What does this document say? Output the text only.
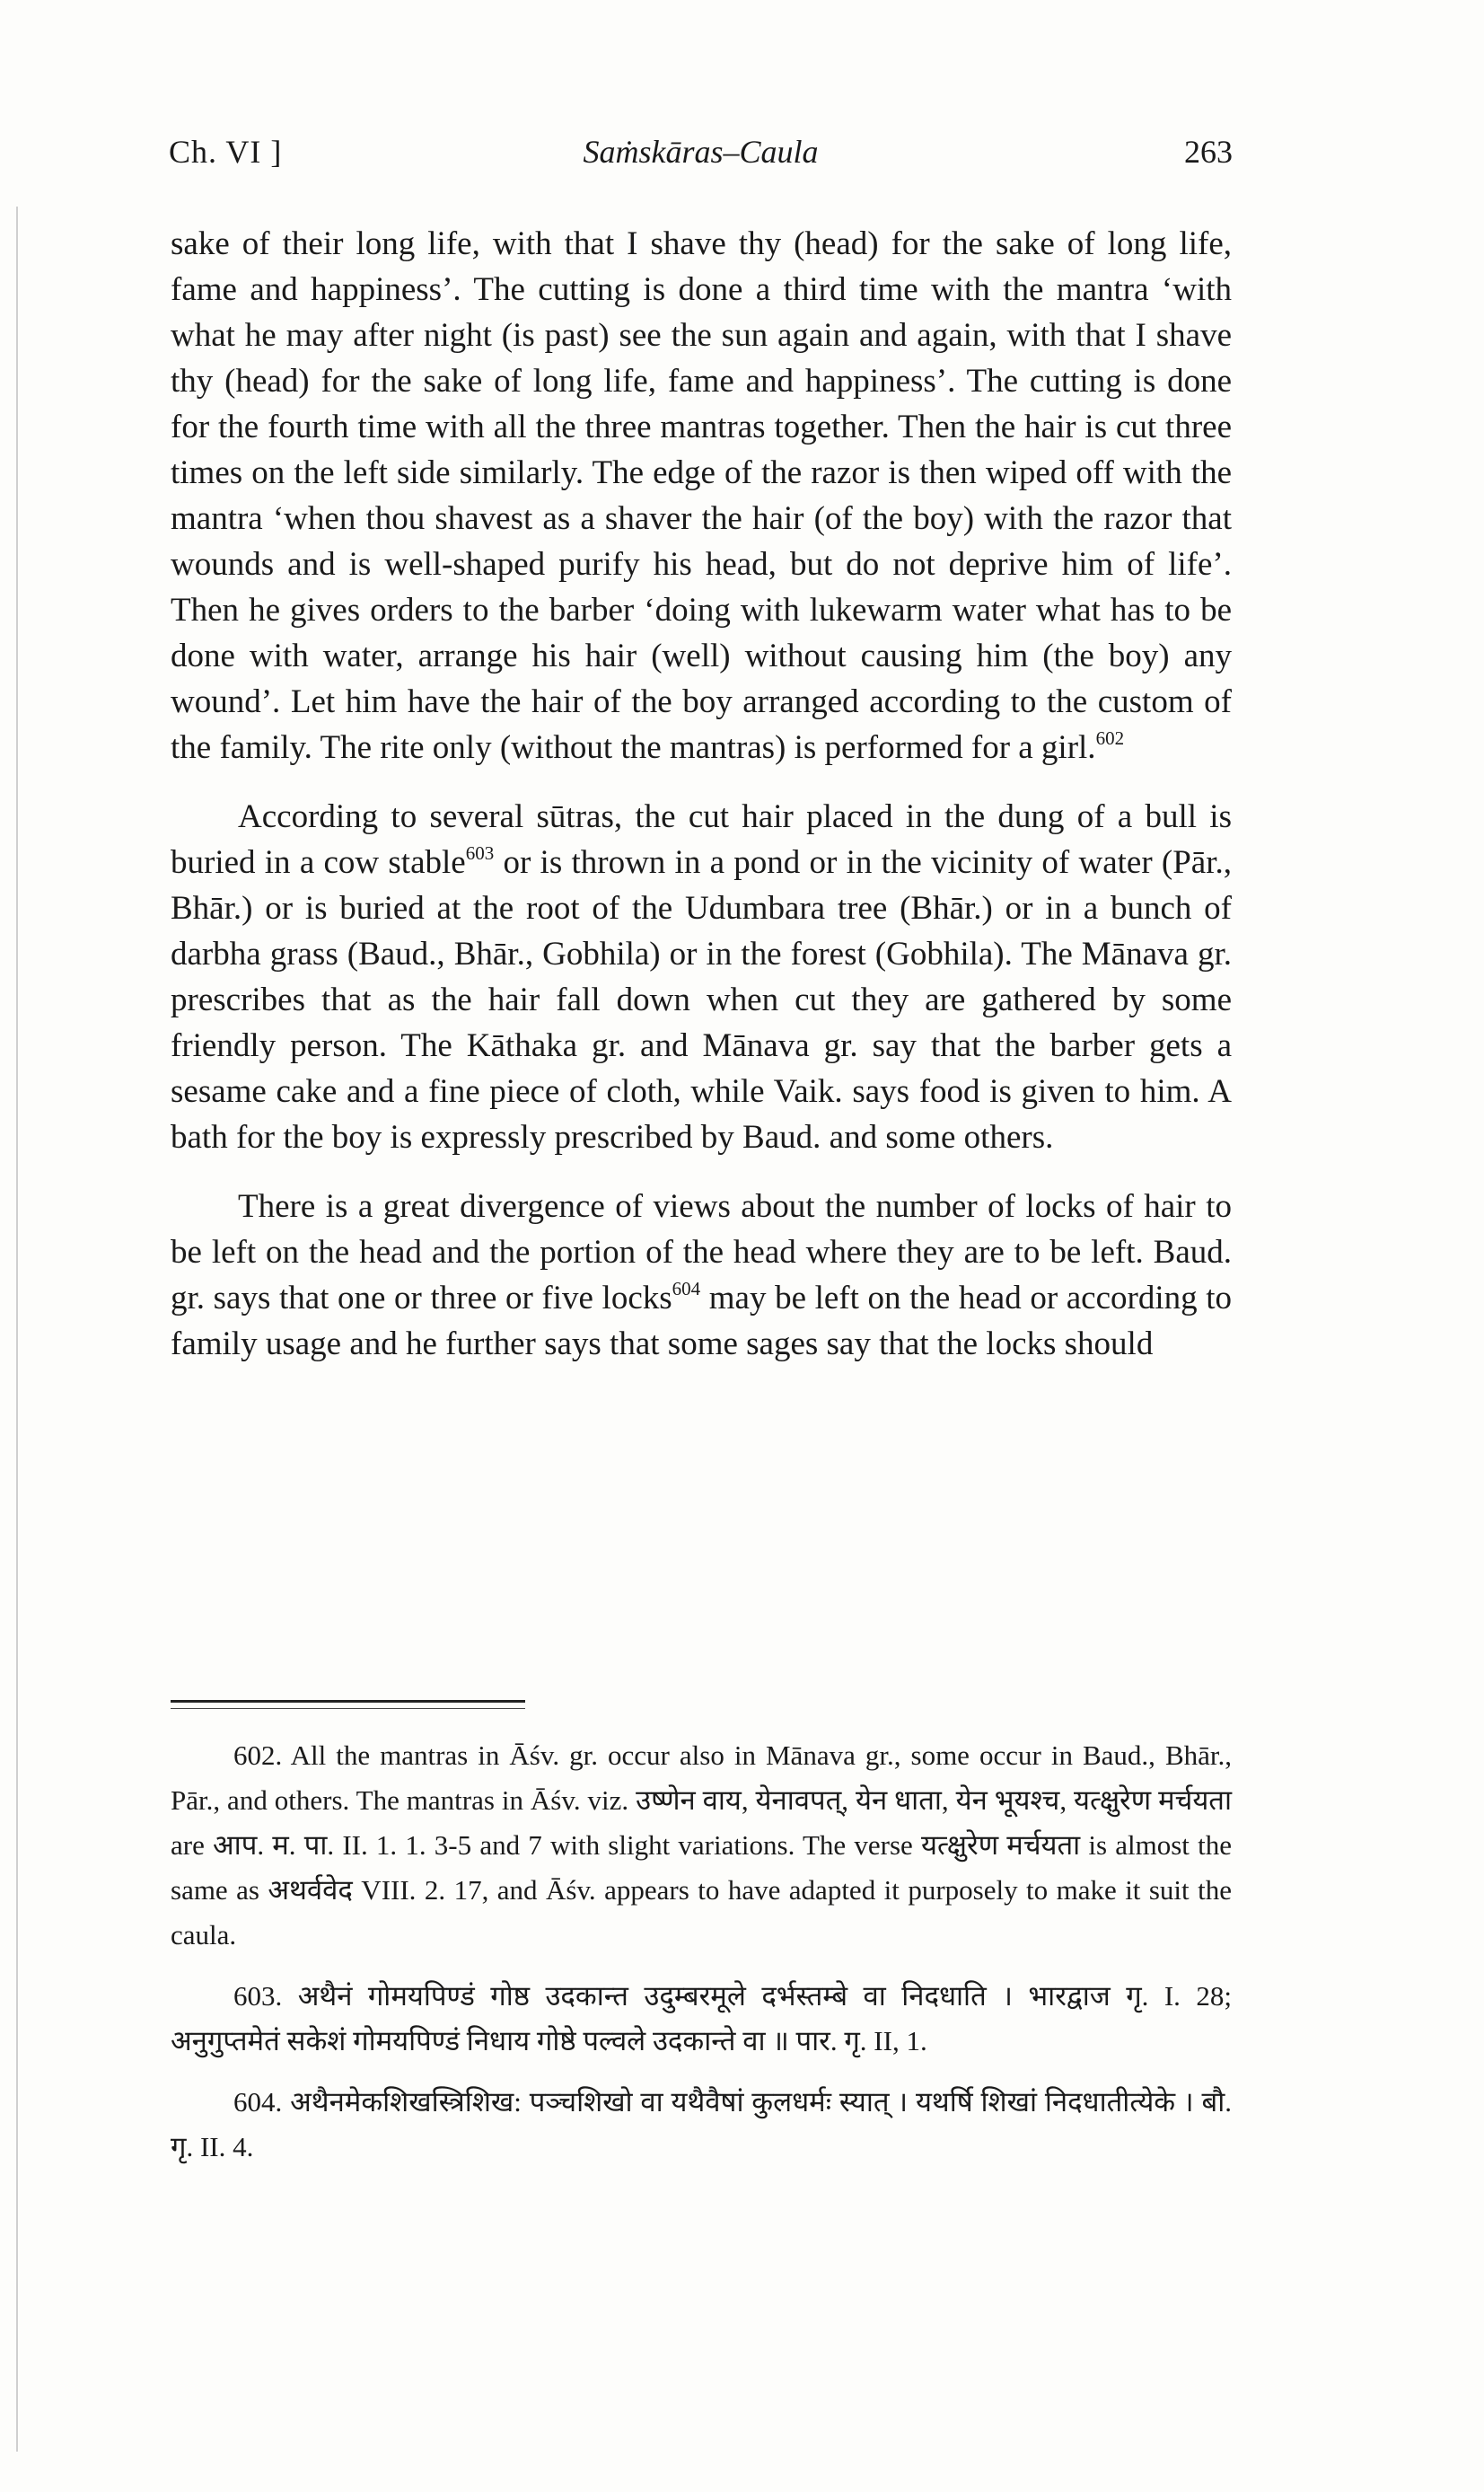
Ch. VI ]	Saṁskāras–Caula	263

sake of their long life, with that I shave thy (head) for the sake of long life, fame and happiness’. The cutting is done a third time with the mantra ‘with what he may after night (is past) see the sun again and again, with that I shave thy (head) for the sake of long life, fame and happiness’. The cutting is done for the fourth time with all the three mantras together. Then the hair is cut three times on the left side similarly. The edge of the razor is then wiped off with the mantra ‘when thou shavest as a shaver the hair (of the boy) with the razor that wounds and is well-shaped purify his head, but do not deprive him of life’. Then he gives orders to the barber ‘doing with lukewarm water what has to be done with water, arrange his hair (well) without causing him (the boy) any wound’. Let him have the hair of the boy arranged according to the custom of the family. The rite only (without the mantras) is performed for a girl.$^{602}$

According to several sūtras, the cut hair placed in the dung of a bull is buried in a cow stable$^{603}$ or is thrown in a pond or in the vicinity of water (Pār., Bhār.) or is buried at the root of the Udumbara tree (Bhār.) or in a bunch of darbha grass (Baud., Bhār., Gobhila) or in the forest (Gobhila). The Mānava gr. prescribes that as the hair fall down when cut they are gathered by some friendly person. The Kāthaka gr. and Mānava gr. say that the barber gets a sesame cake and a fine piece of cloth, while Vaik. says food is given to him. A bath for the boy is expressly prescribed by Baud. and some others.

There is a great divergence of views about the number of locks of hair to be left on the head and the portion of the head where they are to be left. Baud. gr. says that one or three or five locks$^{604}$ may be left on the head or according to family usage and he further says that some sages say that the locks should

602. All the mantras in Āśv. gr. occur also in Mānava gr., some occur in Baud., Bhār., Pār., and others. The mantras in Āśv. viz. उष्णेन वाय, येनावपत्, येन धाता, येन भूयश्च, यत्क्षुरेण मर्चयता are आप. म. पा. II. 1. 1. 3-5 and 7 with slight variations. The verse यत्क्षुरेण मर्चयता is almost the same as अथर्ववेद VIII. 2. 17, and Āśv. appears to have adapted it purposely to make it suit the caula.

603. अथैनं गोमयपिण्डं गोष्ठ उदकान्त उदुम्बरमूले दर्भस्तम्बे वा निदधाति । भारद्वाज गृ. I. 28; अनुगुप्तमेतं सकेशं गोमयपिण्डं निधाय गोष्ठे पल्वले उदकान्ते वा ॥ पार. गृ. II, 1.

604. अथैनमेकशिखस्त्रिशिख: पञ्चशिखो वा यथैवैषां कुलधर्मः स्यात् । यथर्षि शिखां निदधातीत्येके । बौ. गृ. II. 4.
